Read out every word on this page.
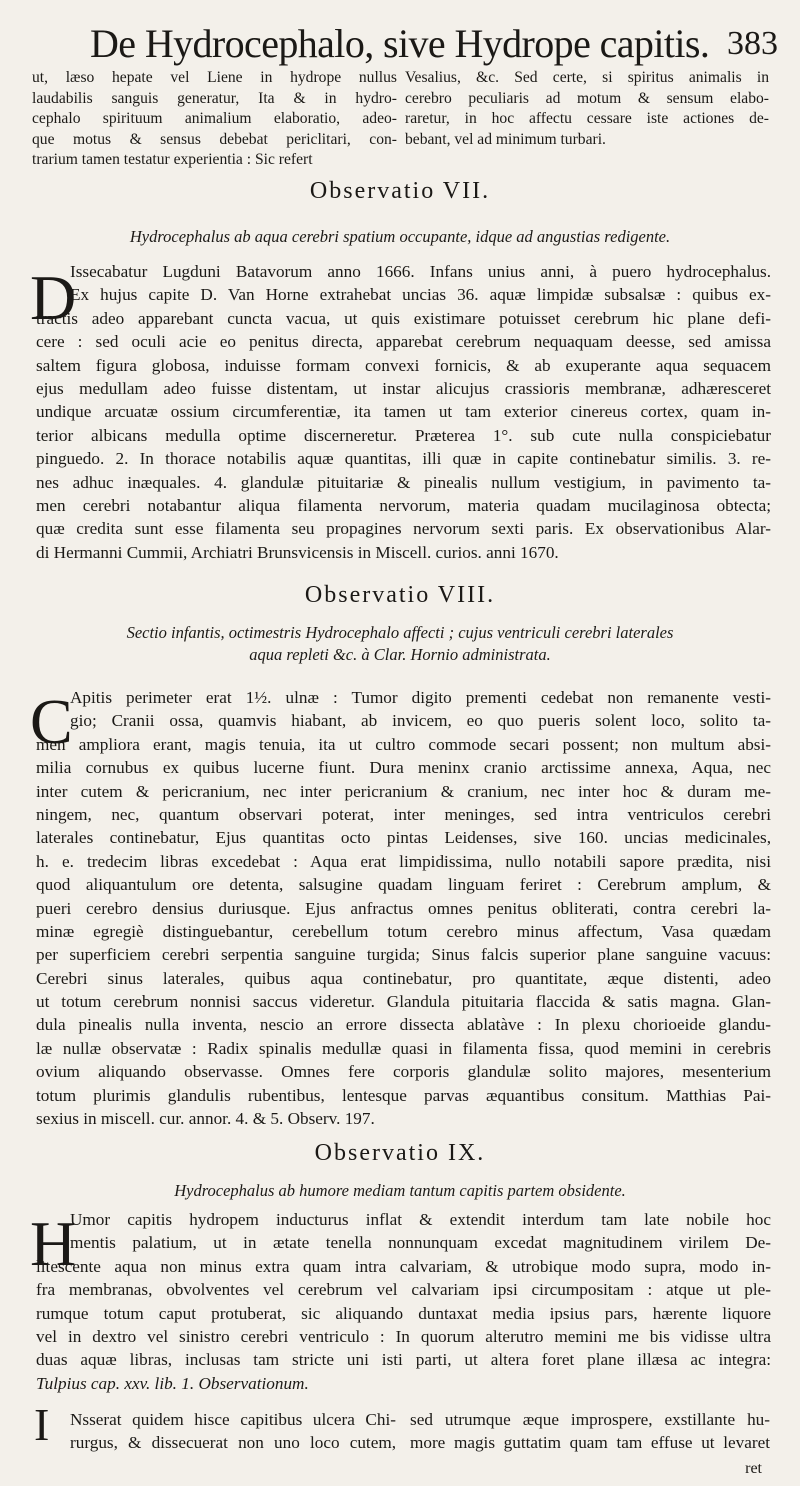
De Hydrocephalo, sive Hydrope capitis. 383
ut, læso hepate vel Liene in hydrope nullus
laudabilis sanguis generatur, Ita & in hydro-
cephalo spirituum animalium elaboratio, adeo-
que motus & sensus debebat periclitari, con-
trarium tamen testatur experientia : Sic refert
Vesalius, &c. Sed certe, si spiritus animalis in
cerebro peculiaris ad motum & sensum elabo-
raretur, in hoc affectu cessare iste actiones de-
bebant, vel ad minimum turbari.
Observatio VII.
Hydrocephalus ab aqua cerebri spatium occupante, idque ad angustias redigente.
D
Issecabatur Lugduni Batavorum anno 1666. Infans unius anni, à puero hydrocephalus.
Ex hujus capite D. Van Horne extrahebat uncias 36. aquæ limpidæ subsalsæ : quibus ex-
tractis adeo apparebant cuncta vacua, ut quis existimare potuisset cerebrum hic plane defi-
cere : sed oculi acie eo penitus directa, apparebat cerebrum nequaquam deesse, sed amissa
saltem figura globosa, induisse formam convexi fornicis, & ab exuperante aqua sequacem
ejus medullam adeo fuisse distentam, ut instar alicujus crassioris membranæ, adhæresceret
undique arcuatæ ossium circumferentiæ, ita tamen ut tam exterior cinereus cortex, quam in-
terior albicans medulla optime discerneretur. Præterea 1°. sub cute nulla conspiciebatur
pinguedo. 2. In thorace notabilis aquæ quantitas, illi quæ in capite continebatur similis. 3. re-
nes adhuc inæquales. 4. glandulæ pituitariæ & pinealis nullum vestigium, in pavimento ta-
men cerebri notabantur aliqua filamenta nervorum, materia quadam mucilaginosa obtecta;
quæ credita sunt esse filamenta seu propagines nervorum sexti paris. Ex observationibus Alar-
di Hermanni Cummii, Archiatri Brunsvicensis in Miscell. curios. anni 1670.
Observatio VIII.
Sectio infantis, octimestris Hydrocephalo affecti ; cujus ventriculi cerebri laterales
aqua repleti &c. à Clar. Hornio administrata.
C
Apitis perimeter erat 1½. ulnæ : Tumor digito prementi cedebat non remanente vesti-
gio; Cranii ossa, quamvis hiabant, ab invicem, eo quo pueris solent loco, solito ta-
men ampliora erant, magis tenuia, ita ut cultro commode secari possent; non multum absi-
milia cornubus ex quibus lucerne fiunt. Dura meninx cranio arctissime annexa, Aqua, nec
inter cutem & pericranium, nec inter pericranium & cranium, nec inter hoc & duram me-
ningem, nec, quantum observari poterat, inter meninges, sed intra ventriculos cerebri
laterales continebatur, Ejus quantitas octo pintas Leidenses, sive 160. uncias medicinales,
h. e. tredecim libras excedebat : Aqua erat limpidissima, nullo notabili sapore prædita, nisi
quod aliquantulum ore detenta, salsugine quadam linguam feriret : Cerebrum amplum, &
pueri cerebro densius duriusque. Ejus anfractus omnes penitus obliterati, contra cerebri la-
minæ egregiè distinguebantur, cerebellum totum cerebro minus affectum, Vasa quædam
per superficiem cerebri serpentia sanguine turgida; Sinus falcis superior plane sanguine vacuus:
Cerebri sinus laterales, quibus aqua continebatur, pro quantitate, æque distenti, adeo
ut totum cerebrum nonnisi saccus videretur. Glandula pituitaria flaccida & satis magna. Glan-
dula pinealis nulla inventa, nescio an errore dissecta ablatàve : In plexu chorioeide glandu-
læ nullæ observatæ : Radix spinalis medullæ quasi in filamenta fissa, quod memini in cerebris
ovium aliquando observasse. Omnes fere corporis glandulæ solito majores, mesenterium
totum plurimis glandulis rubentibus, lentesque parvas æquantibus consitum. Matthias Pai-
sexius in miscell. cur. annor. 4. & 5. Observ. 197.
Observatio IX.
Hydrocephalus ab humore mediam tantum capitis partem obsidente.
H
Umor capitis hydropem inducturus inflat & extendit interdum tam late nobile hoc
mentis palatium, ut in ætate tenella nonnunquam excedat magnitudinem virilem De-
litescente aqua non minus extra quam intra calvariam, & utrobique modo supra, modo in-
fra membranas, obvolventes vel cerebrum vel calvariam ipsi circumpositam : atque ut ple-
rumque totum caput protuberat, sic aliquando duntaxat media ipsius pars, hærente liquore
vel in dextro vel sinistro cerebri ventriculo : In quorum alterutro memini me bis vidisse ultra
duas aquæ libras, inclusas tam stricte uni isti parti, ut altera foret plane illæsa ac integra:
Tulpius cap. xxv. lib. 1. Observationum.
I	Nsserat quidem hisce capitibus ulcera Chi-
rurgus, & dissecuerat non uno loco cutem,
sed utrumque æque improspere, exstillante hu-
more magis guttatim quam tam effuse ut levaret
ret
